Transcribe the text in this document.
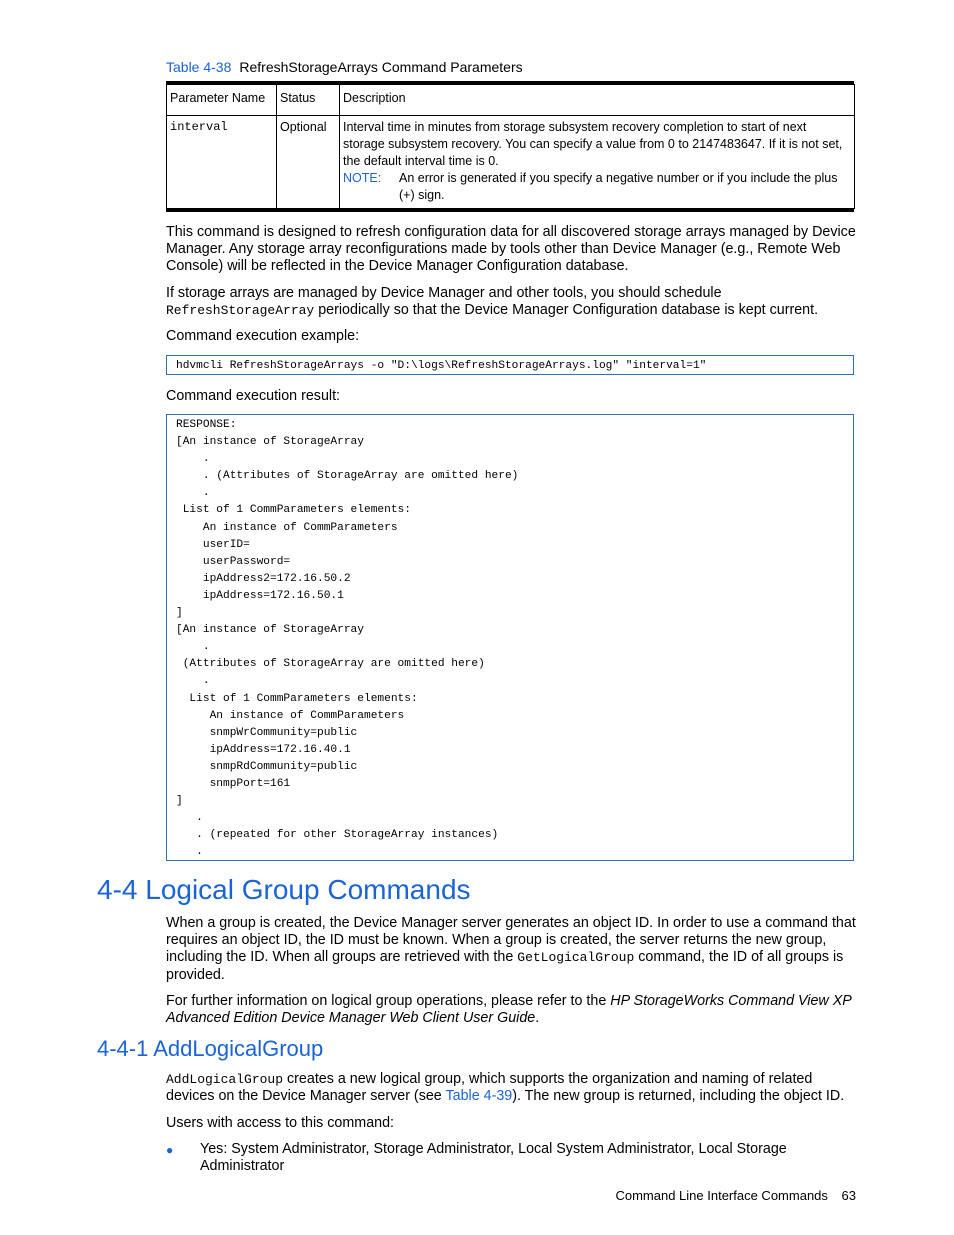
Table 4-38 RefreshStorageArrays Command Parameters
Parameter Name	Status	Description
interval	Optional	Interval time in minutes from storage subsystem recovery completion to start of next storage subsystem recovery. You can specify a value from 0 to 2147483647. If it is not set, the default interval time is 0.
NOTE: An error is generated if you specify a negative number or if you include the plus (+) sign.
This command is designed to refresh configuration data for all discovered storage arrays managed by Device Manager. Any storage array reconfigurations made by tools other than Device Manager (e.g., Remote Web Console) will be reflected in the Device Manager Configuration database.
If storage arrays are managed by Device Manager and other tools, you should schedule
RefreshStorageArray periodically so that the Device Manager Configuration database is kept current.
Command execution example:
hdvmcli RefreshStorageArrays -o "D:\logs\RefreshStorageArrays.log" "interval=1"
Command execution result:
RESPONSE:
[An instance of StorageArray
.
. (Attributes of StorageArray are omitted here)
.
List of 1 CommParameters elements:
An instance of CommParameters
userID=
userPassword=
ipAddress2=172.16.50.2
ipAddress=172.16.50.1
]
[An instance of StorageArray
.
(Attributes of StorageArray are omitted here)
.
List of 1 CommParameters elements:
An instance of CommParameters
snmpWrCommunity=public
ipAddress=172.16.40.1
snmpRdCommunity=public
snmpPort=161
]
.
. (repeated for other StorageArray instances)
.
4-4 Logical Group Commands
When a group is created, the Device Manager server generates an object ID. In order to use a command that requires an object ID, the ID must be known. When a group is created, the server returns the new group, including the ID. When all groups are retrieved with the GetLogicalGroup command, the ID of all groups is provided.
For further information on logical group operations, please refer to the HP StorageWorks Command View XP Advanced Edition Device Manager Web Client User Guide.
4-4-1 AddLogicalGroup
AddLogicalGroup creates a new logical group, which supports the organization and naming of related devices on the Device Manager server (see Table 4-39). The new group is returned, including the object ID.
Users with access to this command:
●	Yes: System Administrator, Storage Administrator, Local System Administrator, Local Storage Administrator
Command Line Interface Commands 63
